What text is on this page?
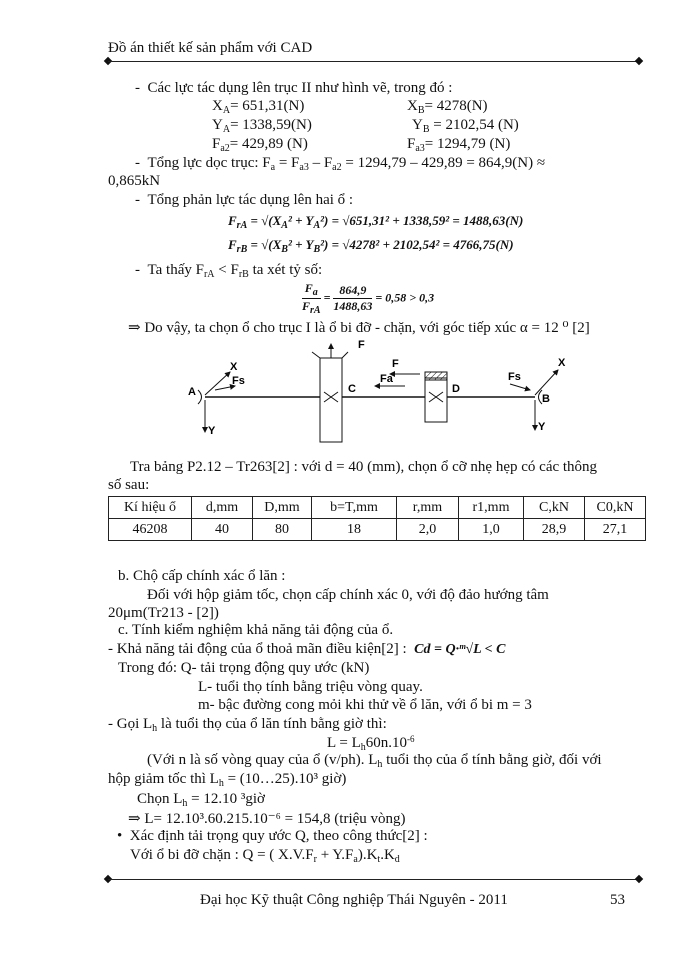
Đồ án thiết kế sản phẩm với CAD
-  Các lực tác dụng lên trục II như hình vẽ, trong đó :
$X_A= 651,31(N)$	$X_B= 4278(N)$
$Y_A= 1338,59(N)$	$Y_B = 2102,54$ (N)
$F_{a2}= 429,89$ (N)	$F_{a3}= 1294,79$ (N)
-  Tổng lực dọc trục: $F_a = F_{a3} - F_{a2} = 1294,79 - 429,89 = 864,9(N)$ ≈
0,865kN
-  Tổng phản lực tác dụng lên hai ổ :
$F_{rA} = √(X_A^2 + Y_A^2) = √651,31^2 + 1338,59^2 = 1488,63(N)$
$F_{rB} = √(X_B^2 + Y_B^2) = √4278^2 + 2102,54^2 = 4766,75(N)$
-  Ta thấy $F_{rA} < F_{rB}$ ta xét tỷ số:
$F_a$
$F_{rA}$
= $\frac{864,9}{1488,63} = 0,58 > 0,3$
⇒ Do vậy, ta chọn ổ cho trục I là ổ bi đỡ - chặn, với góc tiếp xúc α = 12 ⁰ [2]
A
X
Fs
Y
C
F
D
F
Fa
B
X
Fs
Y
Tra bảng P2.12 – Tr263[2] : với d = 40 (mm), chọn ổ cỡ nhẹ hẹp có các thông
số sau:
Kí hiệu ổ	d,mm	D,mm	b=T,mm	r,mm	r1,mm	C,kN	C0,kN
46208	40	80	18	2,0	1,0	28,9	27,1
b. Chộ cấp chính xác ổ lăn :
Đối với hộp giảm tốc, chọn cấp chính xác 0, với độ đảo hướng tâm
20μm(Tr213 - [2])
c. Tính kiểm nghiệm khả năng tải động của ổ.
- Khả năng tải động của ổ thoả mãn điều kiện[2] : Cd = Q·ᵐ√L < C
Trong đó: Q- tải trọng động quy ước (kN)
L- tuổi thọ tính bằng triệu vòng quay.
m- bậc đường cong mỏi khi thử về ổ lăn, với ổ bi m = 3
- Gọi $L_h$ là tuổi thọ của ổ lăn tính bằng giờ thì:
$L = L_h60n.10^{-6}$
(Với n là số vòng quay của ổ (v/ph). $L_h$ tuổi thọ của ổ tính bằng giờ, đối với
hộp giảm tốc thì $L_h$ = (10…25).10³ giờ)
Chọn $L_h = 12.10$ ³giờ
⇒ L= 12.10³.60.215.10⁻⁶ = 154,8 (triệu vòng)
•  Xác định tải trọng quy ước Q, theo công thức[2] :
Với ổ bi đỡ chặn : Q = ( $X.V.F_r + Y.F_a).K_t.K_d$
Đại học Kỹ thuật Công nghiệp Thái Nguyên - 2011	53
